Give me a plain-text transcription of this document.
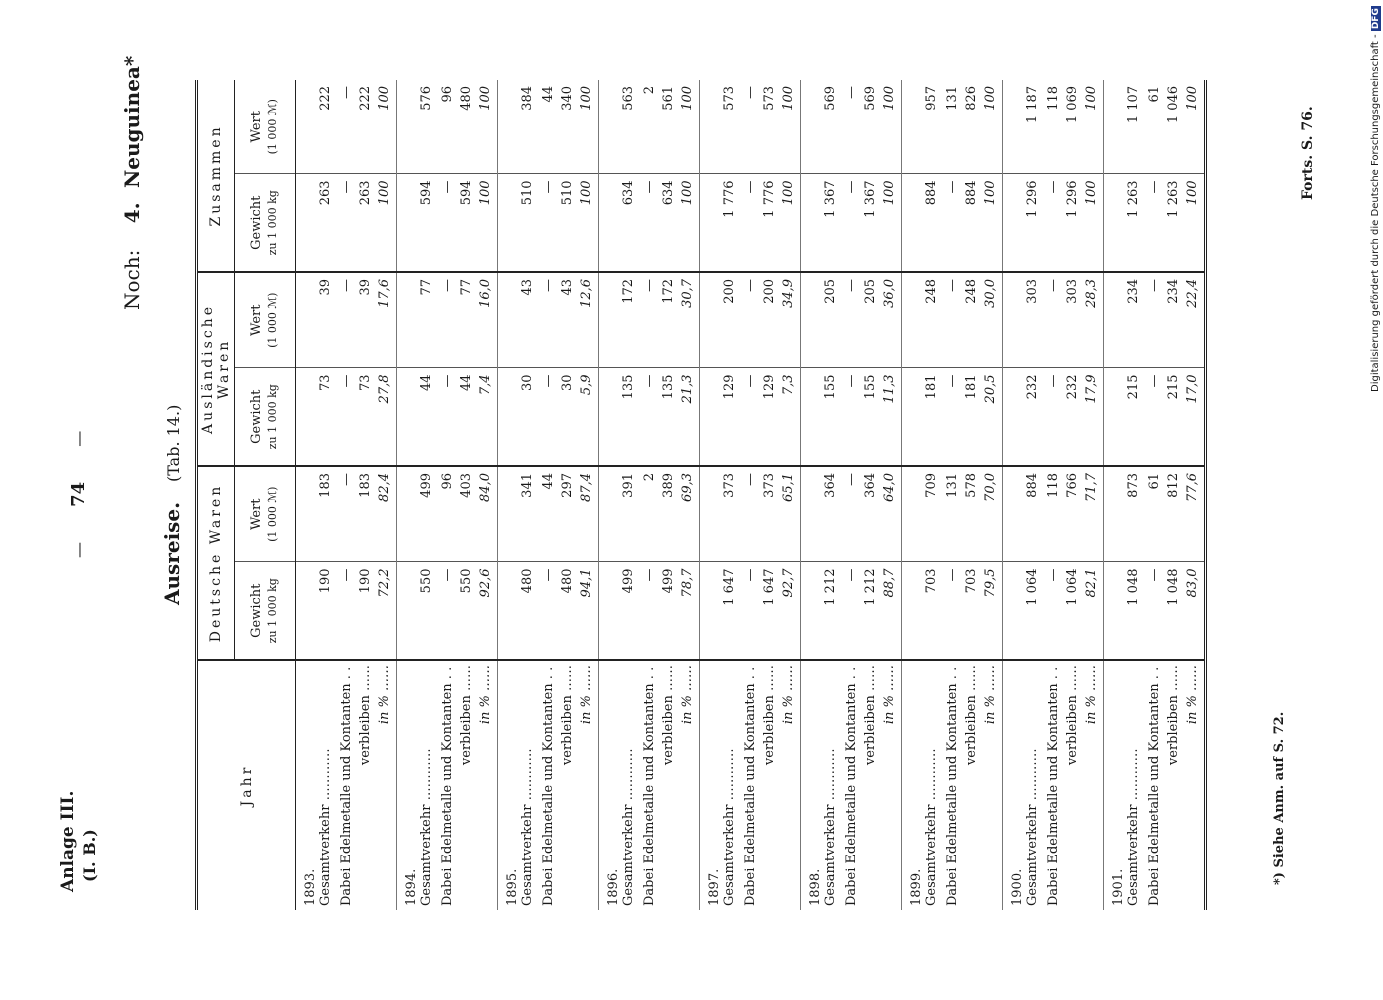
Anlage III. (I. B.)
— 74 —
Ausreise.
(Tab. 14.)
Noch: 4. Neuguinea*
Jahr	Deutsche Waren		Ausländische Waren		Zusammen	
	Gewicht zu 1 000 kg	Wert (1 000 ℳ)	Gewicht zu 1 000 kg	Wert (1 000 ℳ)	Gewicht zu 1 000 kg	Wert (1 000 ℳ)
1893.						
Gesamtverkehr …………	190	183	73	39	263	222
Dabei Edelmetalle und Kontanten . .	—	—	—	—	—	—
verbleiben ……	190	183	73	39	263	222
in % ……	72,2	82,4	27,8	17,6	100	100
1894.						
Gesamtverkehr …………	550	499	44	77	594	576
Dabei Edelmetalle und Kontanten . .	—	96	—	—	—	96
verbleiben ……	550	403	44	77	594	480
in % ……	92,6	84,0	7,4	16,0	100	100
1895.						
Gesamtverkehr …………	480	341	30	43	510	384
Dabei Edelmetalle und Kontanten . .	—	44	—	—	—	44
verbleiben ……	480	297	30	43	510	340
in % ……	94,1	87,4	5,9	12,6	100	100
1896.						
Gesamtverkehr …………	499	391	135	172	634	563
Dabei Edelmetalle und Kontanten . .	—	2	—	—	—	2
verbleiben ……	499	389	135	172	634	561
in % ……	78,7	69,3	21,3	30,7	100	100
1897.						
Gesamtverkehr …………	1 647	373	129	200	1 776	573
Dabei Edelmetalle und Kontanten . .	—	—	—	—	—	—
verbleiben ……	1 647	373	129	200	1 776	573
in % ……	92,7	65,1	7,3	34,9	100	100
1898.						
Gesamtverkehr …………	1 212	364	155	205	1 367	569
Dabei Edelmetalle und Kontanten . .	—	—	—	—	—	—
verbleiben ……	1 212	364	155	205	1 367	569
in % ……	88,7	64,0	11,3	36,0	100	100
1899.						
Gesamtverkehr …………	703	709	181	248	884	957
Dabei Edelmetalle und Kontanten . .	—	131	—	—	—	131
verbleiben ……	703	578	181	248	884	826
in % ……	79,5	70,0	20,5	30,0	100	100
1900.						
Gesamtverkehr …………	1 064	884	232	303	1 296	1 187
Dabei Edelmetalle und Kontanten . .	—	118	—	—	—	118
verbleiben ……	1 064	766	232	303	1 296	1 069
in % ……	82,1	71,7	17,9	28,3	100	100
1901.						
Gesamtverkehr …………	1 048	873	215	234	1 263	1 107
Dabei Edelmetalle und Kontanten . .	—	61	—	—	—	61
verbleiben ……	1 048	812	215	234	1 263	1 046
in % ……	83,0	77,6	17,0	22,4	100	100
*) Siehe Anm. auf S. 72.
Forts. S. 76.	Digitalisierung gefördert durch die Deutsche Forschungsgemeinschaft - DFG
